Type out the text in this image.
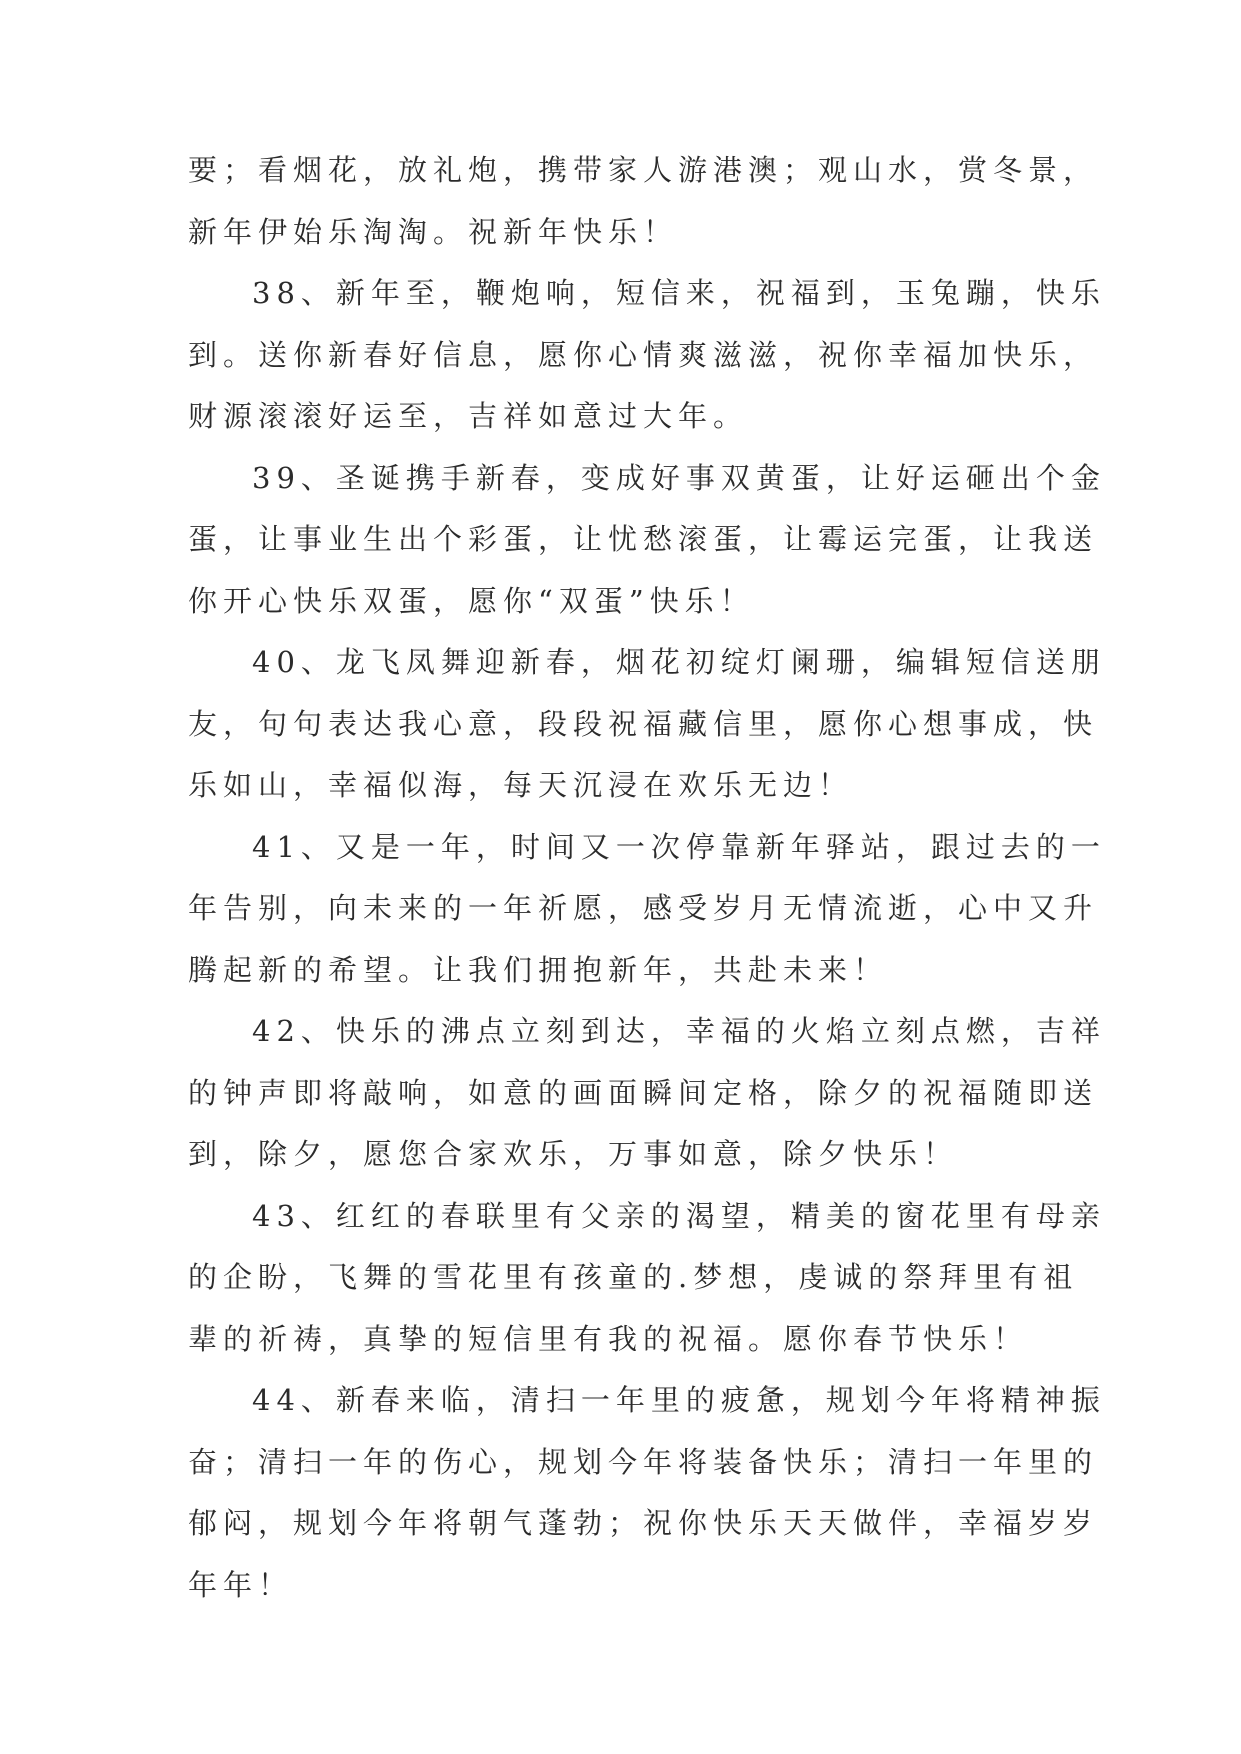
要；看烟花，放礼炮，携带家人游港澳；观山水，赏冬景，
新年伊始乐淘淘。祝新年快乐！
38、新年至，鞭炮响，短信来，祝福到，玉兔蹦，快乐
到。送你新春好信息，愿你心情爽滋滋，祝你幸福加快乐，
财源滚滚好运至，吉祥如意过大年。
39、圣诞携手新春，变成好事双黄蛋，让好运砸出个金
蛋，让事业生出个彩蛋，让忧愁滚蛋，让霉运完蛋，让我送
你开心快乐双蛋，愿你“双蛋”快乐！
40、龙飞凤舞迎新春，烟花初绽灯阑珊，编辑短信送朋
友，句句表达我心意，段段祝福藏信里，愿你心想事成，快
乐如山，幸福似海，每天沉浸在欢乐无边！
41、又是一年，时间又一次停靠新年驿站，跟过去的一
年告别，向未来的一年祈愿，感受岁月无情流逝，心中又升
腾起新的希望。让我们拥抱新年，共赴未来！
42、快乐的沸点立刻到达，幸福的火焰立刻点燃，吉祥
的钟声即将敲响，如意的画面瞬间定格，除夕的祝福随即送
到，除夕，愿您合家欢乐，万事如意，除夕快乐！
43、红红的春联里有父亲的渴望，精美的窗花里有母亲
的企盼，飞舞的雪花里有孩童的.梦想，虔诚的祭拜里有祖
辈的祈祷，真挚的短信里有我的祝福。愿你春节快乐！
44、新春来临，清扫一年里的疲惫，规划今年将精神振
奋；清扫一年的伤心，规划今年将装备快乐；清扫一年里的
郁闷，规划今年将朝气蓬勃；祝你快乐天天做伴，幸福岁岁
年年！
